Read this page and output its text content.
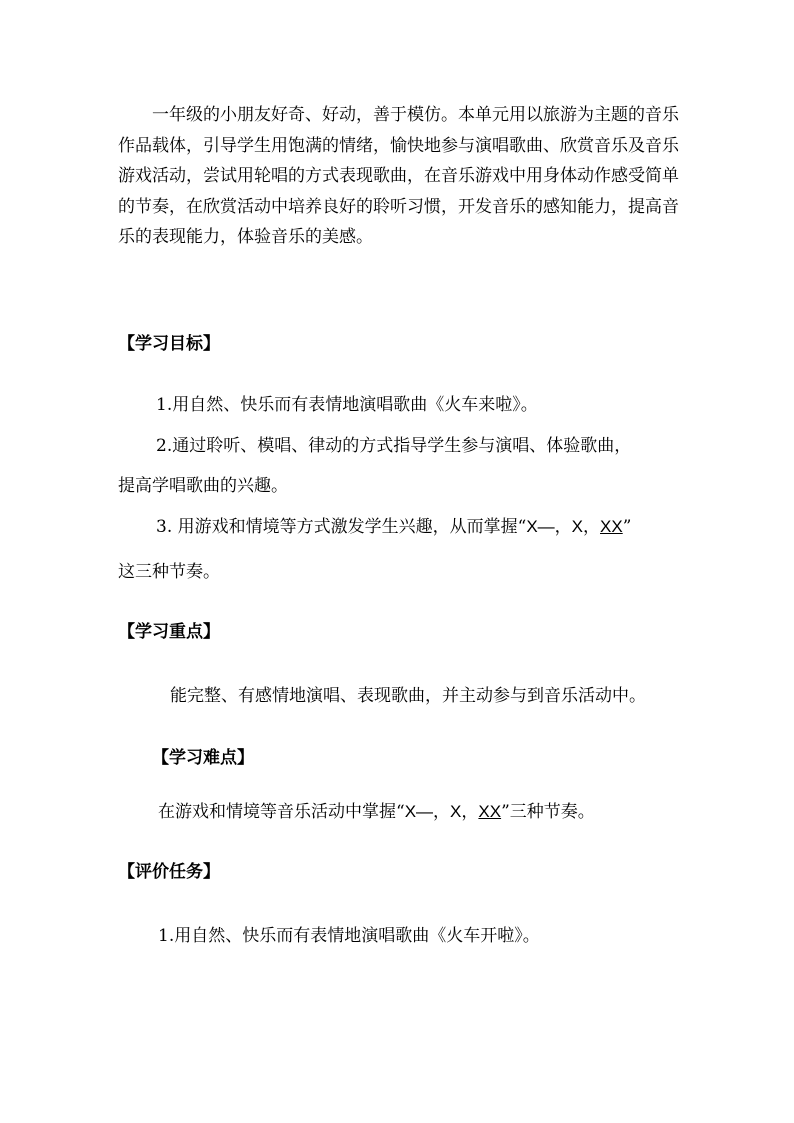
一年级的小朋友好奇、好动，善于模仿。本单元用以旅游为主题的音乐作品载体，引导学生用饱满的情绪，愉快地参与演唱歌曲、欣赏音乐及音乐游戏活动，尝试用轮唱的方式表现歌曲，在音乐游戏中用身体动作感受简单的节奏，在欣赏活动中培养良好的聆听习惯，开发音乐的感知能力，提高音乐的表现能力，体验音乐的美感。

【学习目标】

1.用自然、快乐而有表情地演唱歌曲《火车来啦》。

2.通过聆听、模唱、律动的方式指导学生参与演唱、体验歌曲，

提高学唱歌曲的兴趣。

3. 用游戏和情境等方式激发学生兴趣，从而掌握“X—，X，XX”

这三种节奏。

【学习重点】

能完整、有感情地演唱、表现歌曲，并主动参与到音乐活动中。

【学习难点】

在游戏和情境等音乐活动中掌握“X—，X，XX”三种节奏。

【评价任务】

1.用自然、快乐而有表情地演唱歌曲《火车开啦》。
